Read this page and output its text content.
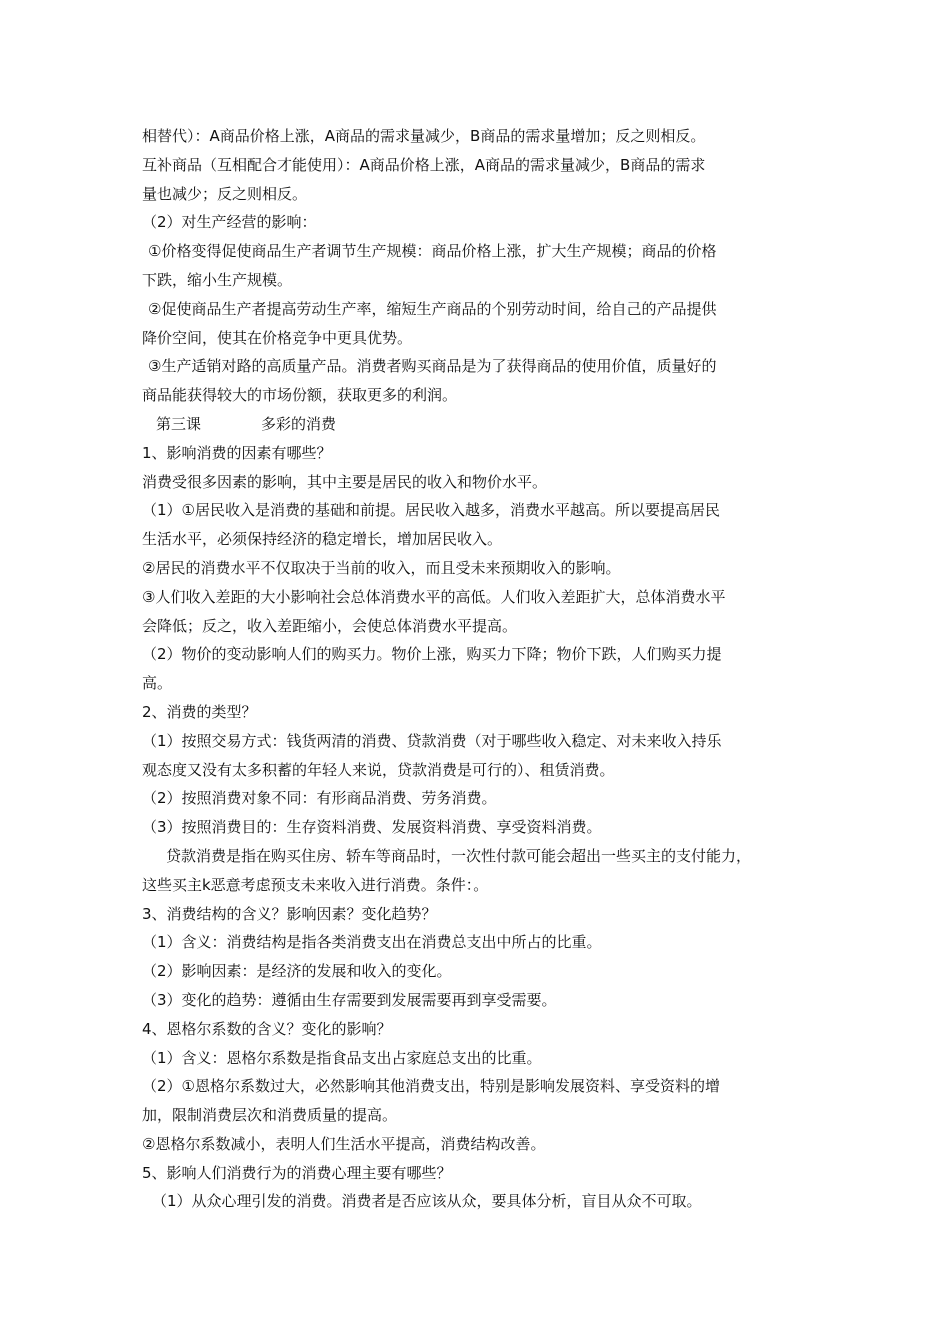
相替代）：A商品价格上涨，A商品的需求量减少，B商品的需求量增加；反之则相反。
互补商品（互相配合才能使用）：A商品价格上涨，A商品的需求量减少，B商品的需求
量也减少；反之则相反。
（2）对生产经营的影响：
①价格变得促使商品生产者调节生产规模：商品价格上涨，扩大生产规模；商品的价格
下跌，缩小生产规模。
②促使商品生产者提高劳动生产率，缩短生产商品的个别劳动时间，给自己的产品提供
降价空间，使其在价格竞争中更具优势。
③生产适销对路的高质量产品。消费者购买商品是为了获得商品的使用价值，质量好的
商品能获得较大的市场份额，获取更多的利润。
第三课	多彩的消费
1、影响消费的因素有哪些？
消费受很多因素的影响，其中主要是居民的收入和物价水平。
（1）①居民收入是消费的基础和前提。居民收入越多，消费水平越高。所以要提高居民
生活水平，必须保持经济的稳定增长，增加居民收入。
②居民的消费水平不仅取决于当前的收入，而且受未来预期收入的影响。
③人们收入差距的大小影响社会总体消费水平的高低。人们收入差距扩大，总体消费水平
会降低；反之，收入差距缩小，会使总体消费水平提高。
（2）物价的变动影响人们的购买力。物价上涨，购买力下降；物价下跌，人们购买力提
高。
2、消费的类型？
（1）按照交易方式：钱货两清的消费、贷款消费（对于哪些收入稳定、对未来收入持乐
观态度又没有太多积蓄的年轻人来说，贷款消费是可行的）、租赁消费。
（2）按照消费对象不同：有形商品消费、劳务消费。
（3）按照消费目的：生存资料消费、发展资料消费、享受资料消费。
贷款消费是指在购买住房、轿车等商品时，一次性付款可能会超出一些买主的支付能力，
这些买主k恶意考虑预支未来收入进行消费。条件：。
3、消费结构的含义？影响因素？变化趋势？
（1）含义：消费结构是指各类消费支出在消费总支出中所占的比重。
（2）影响因素：是经济的发展和收入的变化。
（3）变化的趋势：遵循由生存需要到发展需要再到享受需要。
4、恩格尔系数的含义？变化的影响？
（1）含义：恩格尔系数是指食品支出占家庭总支出的比重。
（2）①恩格尔系数过大，必然影响其他消费支出，特别是影响发展资料、享受资料的增
加，限制消费层次和消费质量的提高。
②恩格尔系数减小，表明人们生活水平提高，消费结构改善。
5、影响人们消费行为的消费心理主要有哪些？
（1）从众心理引发的消费。消费者是否应该从众，要具体分析，盲目从众不可取。
